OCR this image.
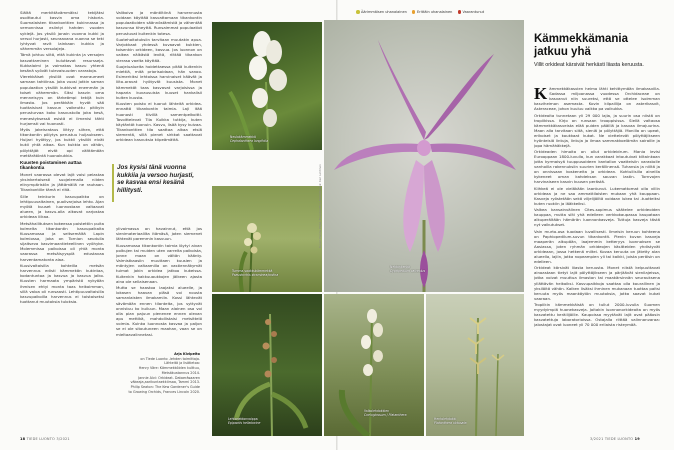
Siältä merkittävämmäksi tekijäksi osoittautui kasvin oma historia. Suomalaisten tikankonttien kukinnassa ja vemonnissa esiintyi hahden vuoden syklejä. Jos yksilö jonain vuonna kukki ja versoi hurjasti, seuraavana vuonna se teki lyhtyvat ravit lainkaan kukkia ja vähemmän versolajeja.

Tämä johtuu siitä, että kukinta ja versojen kasvattaminen kuluttavat resursseja. Kukkaloimi ja voimakas kasvu yhtenä kesänä syövät tulevaisuuden varastoja.

Vierekkäiset yksilöt ovat marraumeet samaan tahtiinsa. Joka vuosi jotkin saman populaation yksilöt kukkivat enemmän ja toiset vähemmän. Siksi kasvin oma menneisyys on tärkeämpi tekijä kuin ilmasto. Jos peräkkäin hyvät sää tuottaisivat kasvun vaikeuttu pitikyin perusturvaa koko kasvustolla joka kesä, menestyksessä esistä ei ilmenisi tähti hurjamsti vai huonosti.

Myös jakeisrataus liittyy siihen, että tikankontin pölytys perustuu huijaukseen. Huijari hyöttyy, jos kukkii yksilöt eivät kukii yhtä aikaa. Kun kukkia on vähän, pölyttäjät eivät opi välttämään mettärätöntä huonokukkia.

Kuusten poistaminen auttaa tikankontia

Monet vaarassa olevat lajit voisi pelastaa yksinkertaisesti suojelemalla niiden elinympäristön ja jättämällä ne rauhaan. Tikankontille tämä ei riitä.

Sille teinkurin kasvupaikka on lehtipuuvaltainen, puolivarjoisa lehto. Ajan myötä kuuset luonnostaan valtaavat alueen, ja kasvu-alla alkavat varjostaa orkideaa liikaa.

Metsähallituksen kokeessa poistettiin puita kolmelta tikankontin kasvupaikalta Kuusamossa ja seitsemältä Lapin kolmiossa, joka on Tornion seudulla sijaitseva kasvimaantieteellinen vyöhyke. Molemmissa paikoissa oli yhtä monta vaarassa metsäisyyspiä edustavaa harventamatonta alaa.

Kuusivaltaisilla kohteilla metsän harvennus edisti kämmekän kukintaa, kodantuntoa ja kasvua ja kasvua jalko. Kuusten harmaata ympäristö nykyään ihmisen ehtyi monta taas heikoimman, sillä valoa oli runsaasti. Lehtipuuvaltaisilla kasvupaikoilla harvennus ei toistaiseksi tuottanut muutoksia tuloksia.

Valikoiva ja mäntiltiinä harvennusta voidaan käyttää kasvattamaan tikankontin populaatioiden säännöstämistä ja vähentää kasvunsa tiheyttä. Runsaimmat populaatiot perustuvat kuitenkin totesa.

Suotehoitotuksiin tarvitaan muutakin apua. Varjokkaat yhdessä kuvaavat kukkien, toisenkin orkideen, kasvua. Jos luonnon on vaikea nälkästä levitä, riittää tikankon vierasa vaelta käyttää.

Suojelualueita hoidettaessa pitää kuitenkin miettiä, mitä priorisoidaan, hän sanoo. Esimerkiksi lehtoissa harvinaiset käävät ja liito-oravat hyötyvät kuusista. Monet kämmekät taas kasvavat varjoisissa ja haparia kuvausuista kuuset hankalisii kuiten kuusta.

Kuusten poisto ei tuonut lähteitä orkidea-ennattä tikankontin taimia. Laji itää huonosti tilvillä samentpelkoitti. Tavoittelevat Tiia Kuikka tutkija, kuten käytäntöt tuonuin. Kasvu, lisää kysy kuivaa. Tikankonttien tila saattaa alkaa etsiä siementä, sillä pienet sirkkat saattavat orkidean kasvuksia kiipeämättä.

Jos kysisi tänä vuonna kukkiia ja versoo hurjasti, se kasvaa ensi kesänä hillitysti.

ylivoimassa on havainnut, että jos sienimateriaalilta itämäsä, joten siemenet lähtevät paremmin kasvuun.

Kuusamossa tikankontin taimia löytyi aivan polkujen tai muiden uten varrelta paikoista, jonne maan on vältän käänty. Valmistkaasiin muuttaen kuusien ja mäntyjen valtaamilla on vastiennäkymät tuimat jokin orkidea jatkoo kukeissa. Kuitenkin hakkuuaukkojen jälkeen ajasta aina ole sellaisenaan.

Mutta se haastoa laajaksi alueelle, ja lokasen haavan pläsä voi nousta samanlaisten ilmakamiin. Kossi lähtevät sävämään ennen tilanteita, jos syttyvät onnistuu ko kuiluun. Maan alainen osa voi olla pian pajuun pienenee ennen olevan apu mettikä, mahdollistaisi metsittelö voimia. Kuinka luonnosta kasvaa ja paljon se ei ole sitoutuneen maahan, vaan se on mieltaavalinnetasi.

Arja Kivipelto
on Tiede Luonto -lehden toimittaja.
Lähteitä ja lisätietoa:
Henry Väre: Kämmekköiden kulttuu,
Metsäkustannus 2014.
Jannie Alvi: Orkideat. Dataeräsaaren
väkeaja,aarikuntaekkiirsaa, Tammi 2013.
Philip Seaton: The Kew Gardener's Guide
to Growing Orchids, Frances Lincoln 2020.
Neulakämmekkä
Cephalanthera longifolia
Tumma-vaakkukämmekkä
Pseudorchis straminea/ordina
Neidonkenkä
Cypripedium calceolus
Lehtoneidonvaippa
Epipactis helleborine
Valkolehdokkien
Coeloglossum / Platanthera
Hentolehdokki
Platanthera obtusata
Kuvat: Hannu Ylijää. Tikankontti ja Neidonkenkä: Kari Lehtinen
Äärimmäisen uhanalainen	Erittäin uhanalainen	Vaarantunut
Kämmekkämania jatkuu yhä
Villit orkideat kärsivät herkästi liiasta keruusta.

Kämmekkäkasvien heimo lähti kehittymään ilmakasvilla. Sadassa miljoonassa vuodessa Orchidaceae on kasvanut niin suureksi, että se ottelee isoimman kasviheimon asemasta. Kovin kilpaillija on asterikasvit, Asteraceae, johon kuuluu vaikka pa voikukka.

Orkideoita tunnetaan yli 29 000 lajia, ja suurin osa niistä on tropiikissa. Kirjo on runsaan trooppisissa. Siellä valtaosa kämmekkäkasveista elää puiden pääillä ja kasvaa ilmajuurina. Maan alla tarvitaan siitä, sieniä ja pölyttäjiä. Monilla on upeat, erikoiset ja koukkaat kukat. Ne viettelevät pölyttäjikseen hyönteisiä lintuja, lintuja ja ilmaa sammakkoelämän sairaille ja jopa hämähäkkejä.

Orkideaden himoita on ollut orkideidrum. Mania levisi Eurooppaan 1800-luvulla, kun varakkaat intoutuivat kiltainkaan jotta kyrmaisyä tuuppusoideen kantallon vaatteisiin varastolle vanhoilla rakennuksiin suurien kerällinensä. Tuhansia ja niiltä ja on onnissaan koskeneita ja orkidean. Kohtuilisilla aineilla kykeneet oman kahdeksan sauvan lastin. Tornvojen harvinaiseen kasvin kuusen perästä.

Kiihkeä ei ole vieläkään laantunut. Lukemattomat olla villin orkideaa ja ne saa ammattilaisten mukaan yhä kauppaan. Kasveja ryöstetään sekä viljelijöiltä voidaan lukea tai -tuotteiksi kuten ruokiin ja lääkkeiksi.

Valkea kansainvälinen Cites-sopimus säätelee orkideoiden kauppaa, mutta silti yhä edelleen verkkokaupassa kaupataan alkuperältään hämärän luonnonkasveja. Tuttuja kasveja tästä nyt vaikutukset.

Vain murto-osa tuodaan luvallisesti. Ilmeisin keruun kohteena on Paphiopedilum-suvun tikankontit. Pienin kuvan kasveja maaperän alkupään, laajemmin ketteryys luonnoksen se Aasiassa, joten ryhmän orkideojen käsitteiden yhdistyvät orkideaan, jossa hetkenä miltei. Kovaa keruuta on jätetty alan alueella, lajiin, jotka nopeampien yli tai kaikki, joista peräisin on edelleen.

Orkideat kärsivät liiasta keruusta. Monet niistä kelpuuttavat ainoastaan tietyt lajit pölyttäjikseen ja pärjäävät sienilajeissa, jotka voivat muuttua ilmaston tai maakärsinnän seurauksena yllättävän heikoiksi. Kasvupaikkoja saattaa olla kourallinen ja yksilöitä vähän. Kaiken lisäksi ihminen mukanaan tuottaa paitsi keruuta myös maankäytön muutoksia, jotka saavat kukat vaaraan.

Tropiikin kämmekkäistä on tullut 2000-luvulla Suomen myydyimpiä huonekasveja. Joitakin luonnonorkideoita on myös kasvatettu keräilijöille. Kaupoissa myytävät lajit ovat pääosin kasvatettuja laboratorioissa. Ostajalla riittää valinnanvaraa: jalostajat ovat luoneet yli 70 000 erilaista risteymää.

18 TIEDE LUONTO 3/2021	3/2021 TIEDE LUONTO 19
